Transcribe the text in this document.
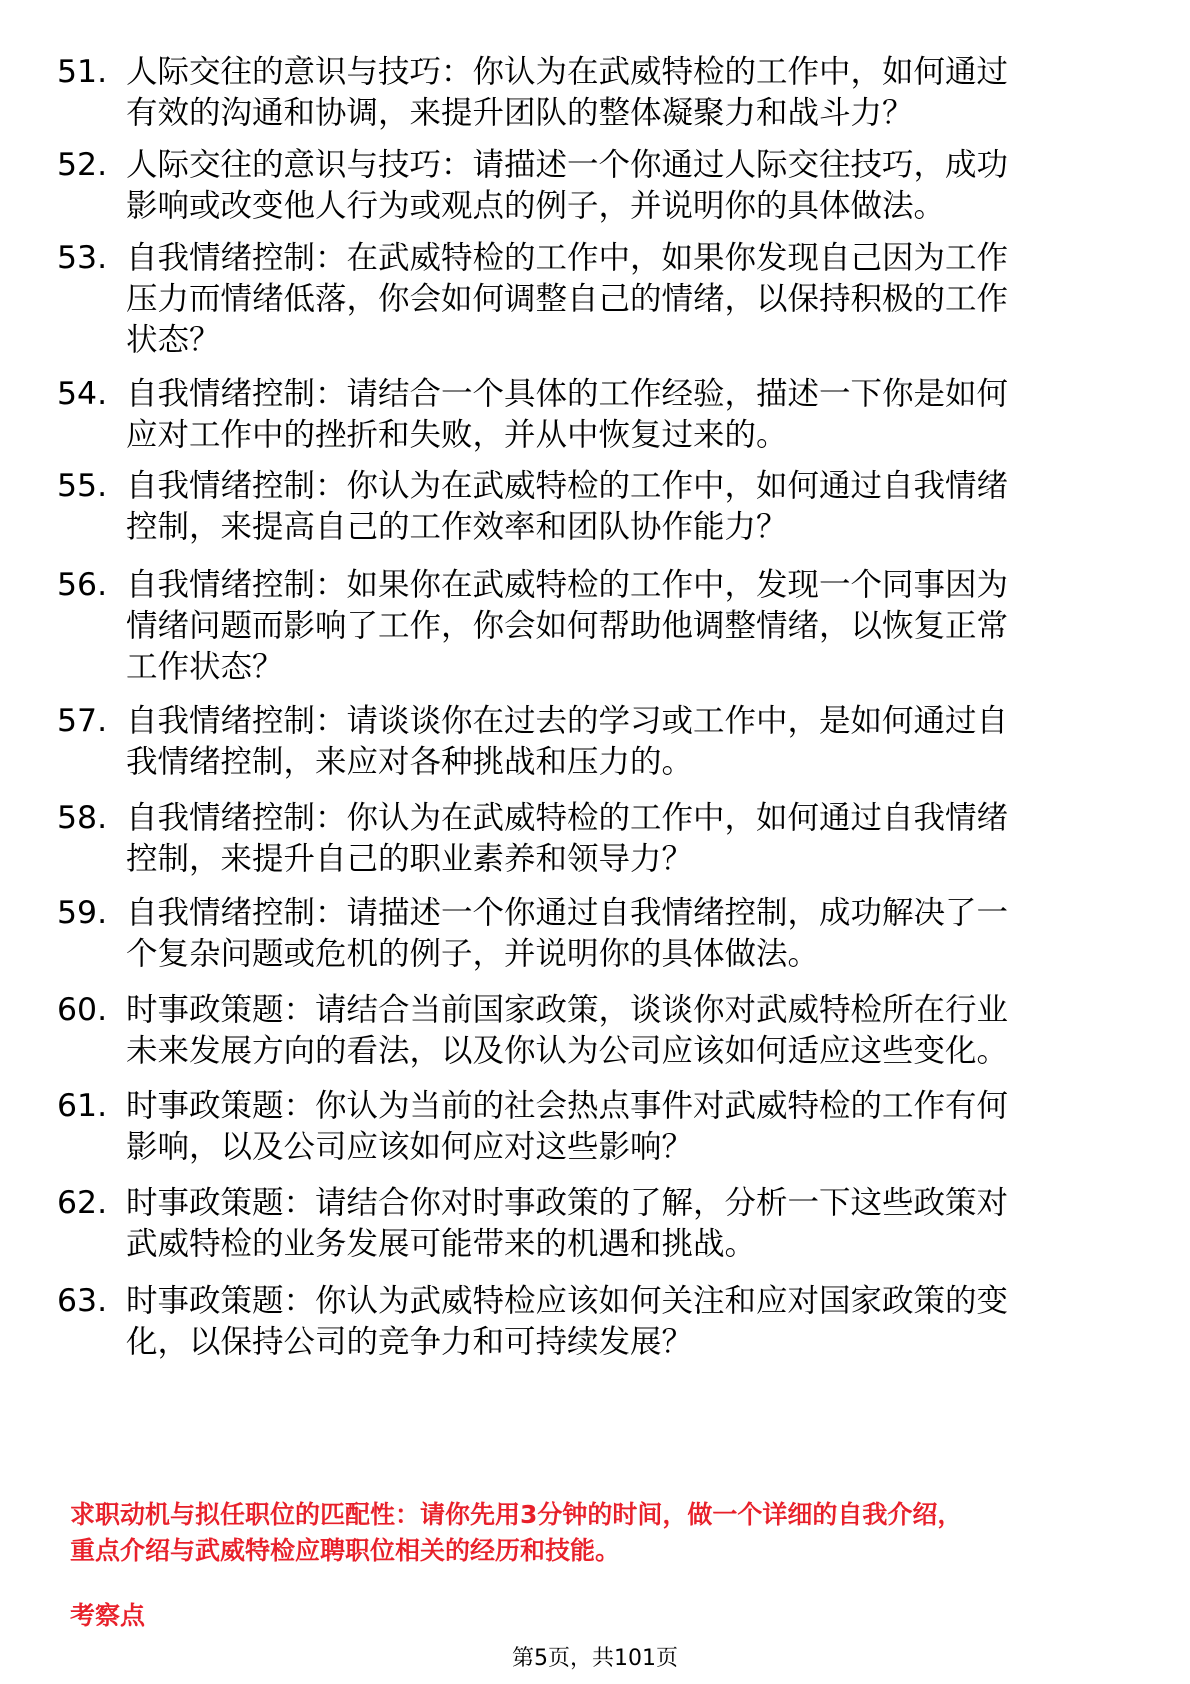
51. 人际交往的意识与技巧：你认为在武威特检的工作中，如何通过
有效的沟通和协调，来提升团队的整体凝聚力和战斗力？
52. 人际交往的意识与技巧：请描述一个你通过人际交往技巧，成功
影响或改变他人行为或观点的例子，并说明你的具体做法。
53. 自我情绪控制：在武威特检的工作中，如果你发现自己因为工作
压力而情绪低落，你会如何调整自己的情绪，以保持积极的工作
状态？
54. 自我情绪控制：请结合一个具体的工作经验，描述一下你是如何
应对工作中的挫折和失败，并从中恢复过来的。
55. 自我情绪控制：你认为在武威特检的工作中，如何通过自我情绪
控制，来提高自己的工作效率和团队协作能力？
56. 自我情绪控制：如果你在武威特检的工作中，发现一个同事因为
情绪问题而影响了工作，你会如何帮助他调整情绪，以恢复正常
工作状态？
57. 自我情绪控制：请谈谈你在过去的学习或工作中，是如何通过自
我情绪控制，来应对各种挑战和压力的。
58. 自我情绪控制：你认为在武威特检的工作中，如何通过自我情绪
控制，来提升自己的职业素养和领导力？
59. 自我情绪控制：请描述一个你通过自我情绪控制，成功解决了一
个复杂问题或危机的例子，并说明你的具体做法。
60. 时事政策题：请结合当前国家政策，谈谈你对武威特检所在行业
未来发展方向的看法，以及你认为公司应该如何适应这些变化。
61. 时事政策题：你认为当前的社会热点事件对武威特检的工作有何
影响，以及公司应该如何应对这些影响？
62. 时事政策题：请结合你对时事政策的了解，分析一下这些政策对
武威特检的业务发展可能带来的机遇和挑战。
63. 时事政策题：你认为武威特检应该如何关注和应对国家政策的变
化，以保持公司的竞争力和可持续发展？
求职动机与拟任职位的匹配性：请你先用3分钟的时间，做一个详细的自我介绍，
重点介绍与武威特检应聘职位相关的经历和技能。
考察点
第5页，共101页
